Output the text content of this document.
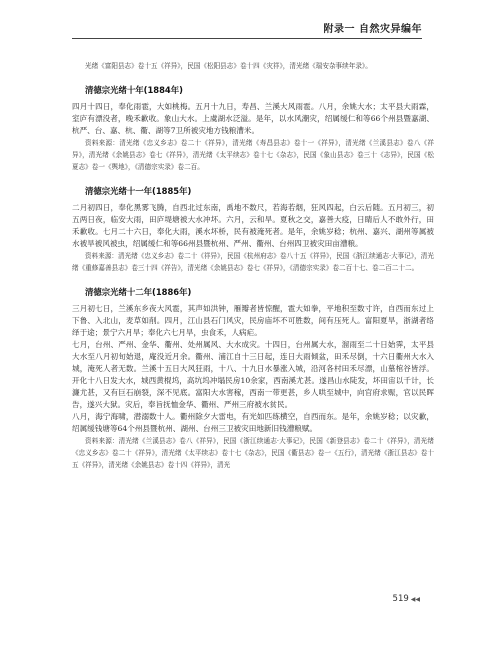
附录一 自然灾异编年

光绪《富阳县志》卷十五《祥异》，民国《松阳县志》卷十四《灾祥》，清光绪《瑞安杂事续年录》。

清德宗光绪十年(1884年)

四月十四日，奉化雨雹，大如桃梅。五月十九日，寿昌、兰溪大风雨雹。八月，余姚大水；太平县大雨霖，室庐有漂没者，晚禾歉收。象山大水。上虞湖水泛溢。是年，以水风潮灾，绍属缓仁和等66个州县暨嘉湖、杭严、台、嘉、杭、衢、湖等7卫所被灾地方钱粮漕米。

资料来源：清光绪《忠义乡志》卷二十《祥异》，清光绪《寿昌县志》卷十一《祥异》，清光绪《兰溪县志》卷八《祥异》，清光绪《余姚县志》卷七《祥异》，清光绪《太平续志》卷十七《杂志》，民国《象山县志》卷三十《志异》，民国《松夏志》卷一《舆地》，《清德宗实录》卷二百。

清德宗光绪十一年(1885年)

二月初四日，奉化黑雾飞腾，自西北过东南，禹地不数尺，若海若烟，狂风四起，白云后随。五月初三，初五两日夜，临安大雨，田庐堤塘被大水冲坏。六月，云和旱。夏秋之交，嘉善大疫，日睛后人不敢外行，田禾歉收。七月二十六日，奉化大雨，溪水坏桥，民有被淹死者。是年，余姚岁稔；杭州、嘉兴、湖州等属被水被旱被风被虫，绍属缓仁和等66州县暨杭州、严州、衢州、台州四卫被灾田亩漕粮。

资料来源：清光绪《忠义乡志》卷二十《祥异》，民国《杭州府志》卷八十五《祥异》，民国《浙江续通志·大事记》，清光绪《重修嘉善县志》卷三十四《祥告》，清光绪《余姚县志》卷七《祥异》，《清德宗实录》卷二百十七、卷二百二十二。

清德宗光绪十二年(1886年)

三月初七日，兰溪东乡夜大风雹，其声如洪钟，雁瓣者皆惊醒，雹大如拳，平地积至数寸许，自西而东过上下鲁、入北山，麦草如削。四月，江山县石门风灾，民房庙坏不可胜数，间有压死人。富阳夏旱，浙湖者络绎于途；景宁六月旱；奉化六七月旱，虫食禾，人病疟。

七月，台州、严州、金华、衢州、处州属风、大水成灾。十四日，台州属大水，溜雨至二十日始霁，太平县大水至八月初旬始退，庵没近月余。衢州、浦江自十三日起，连日大雨倾盆，田禾尽倒，十六日衢州大水入城，淹死人者无数。兰溪十五日大风狂雨，十八、十九日水暴涨入城，沿河各村田禾尽漂，山墓棺谷皆浮。开化十八日发大水，城西黄棍坞，高坑坞冲塌民房10余家，西南溪尤甚。遂昌山水陡发，坏田宙以千计，长濂尤甚，又有巨石崩裂，深不见底。富阳大水害稼，西南一带更甚，乡人哄至城中，向官府求赈，官以民晖告，遂兴大狱。灾后，奉旨抚恤金华、衢州、严州三府被水贫民。

八月，海宁海啸，潜溺数十人。衢州除夕大雷电，有光如匹练横空，自西而东。是年，余姚岁稔；以灾歉，绍属缓钱塘等64个州县暨杭州、湖州、台州三卫被灾田地新旧钱漕粮赋。

资料来源：清光绪《兰溪县志》卷八《祥异》，民国《浙江续通志·大事记》，民国《新登县志》卷二十《祥异》，清光绪《忠义乡志》卷二十《祥异》，清光绪《太平续志》卷十七《杂志》，民国《衢县志》卷一《五行》，清光绪《浙江县志》卷十五《祥异》，清光绪《余姚县志》卷十四《祥异》，清光

519 ◀◀
